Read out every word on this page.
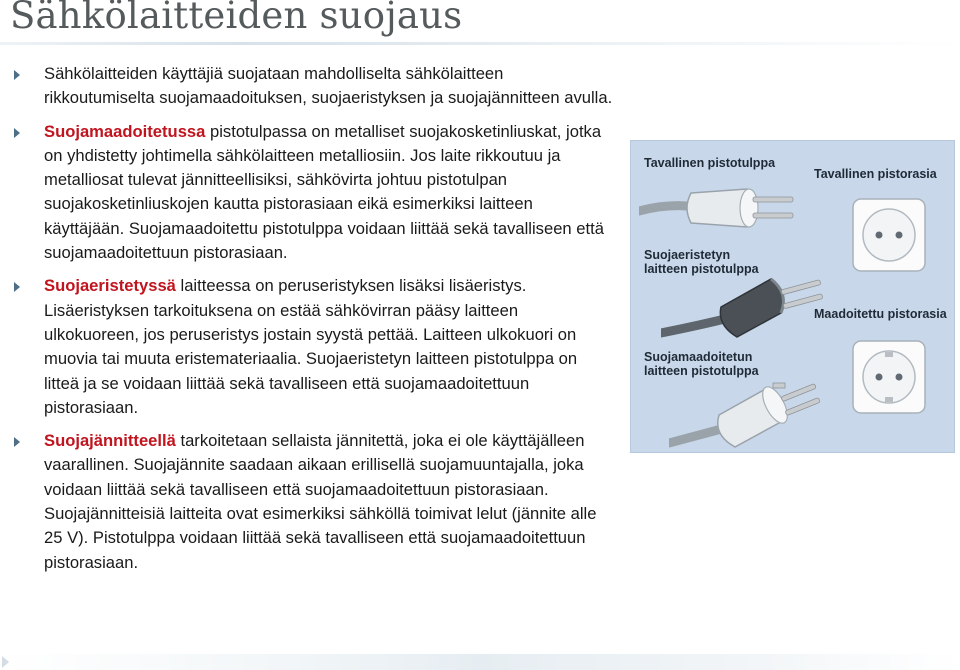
Sähkölaitteiden suojaus
Sähkölaitteiden käyttäjiä suojataan mahdolliselta sähkölaitteen rikkoutumiselta suojamaadoituksen, suojaeristyksen ja suojajännitteen avulla.
Suojamaadoitetussa pistotulpassa on metalliset suojakosketinliuskat, jotka on yhdistetty johtimella sähkölaitteen metalliosiin. Jos laite rikkoutuu ja metalliosat tulevat jännitteellisiksi, sähkövirta johtuu pistotulpan suojakosketinliuskojen kautta pistorasiaan eikä esimerkiksi laitteen käyttäjään. Suojamaadoitettu pistotulppa voidaan liittää sekä tavalliseen että suojamaadoitettuun pistorasiaan.
Suojaeristetyssä laitteessa on peruseristyksen lisäksi lisäeristys. Lisäeristyksen tarkoituksena on estää sähkövirran pääsy laitteen ulkokuoreen, jos peruseristys jostain syystä pettää. Laitteen ulkokuori on muovia tai muuta eristemateriaalia. Suojaeristetyn laitteen pistotulppa on litteä ja se voidaan liittää sekä tavalliseen että suojamaadoitettuun pistorasiaan.
Suojajännitteellä tarkoitetaan sellaista jännitettä, joka ei ole käyttäjälleen vaarallinen. Suojajännite saadaan aikaan erillisellä suojamuuntajalla, joka voidaan liittää sekä tavalliseen että suojamaadoitettuun pistorasiaan. Suojajännitteisiä laitteita ovat esimerkiksi sähköllä toimivat lelut (jännite alle 25 V). Pistotulppa voidaan liittää sekä tavalliseen että suojamaadoitettuun pistorasiaan.
Tavallinen pistotulppa
Tavallinen pistorasia
Suojaeristetyn laitteen pistotulppa
Maadoitettu pistorasia
Suojamaadoitetun laitteen pistotulppa
